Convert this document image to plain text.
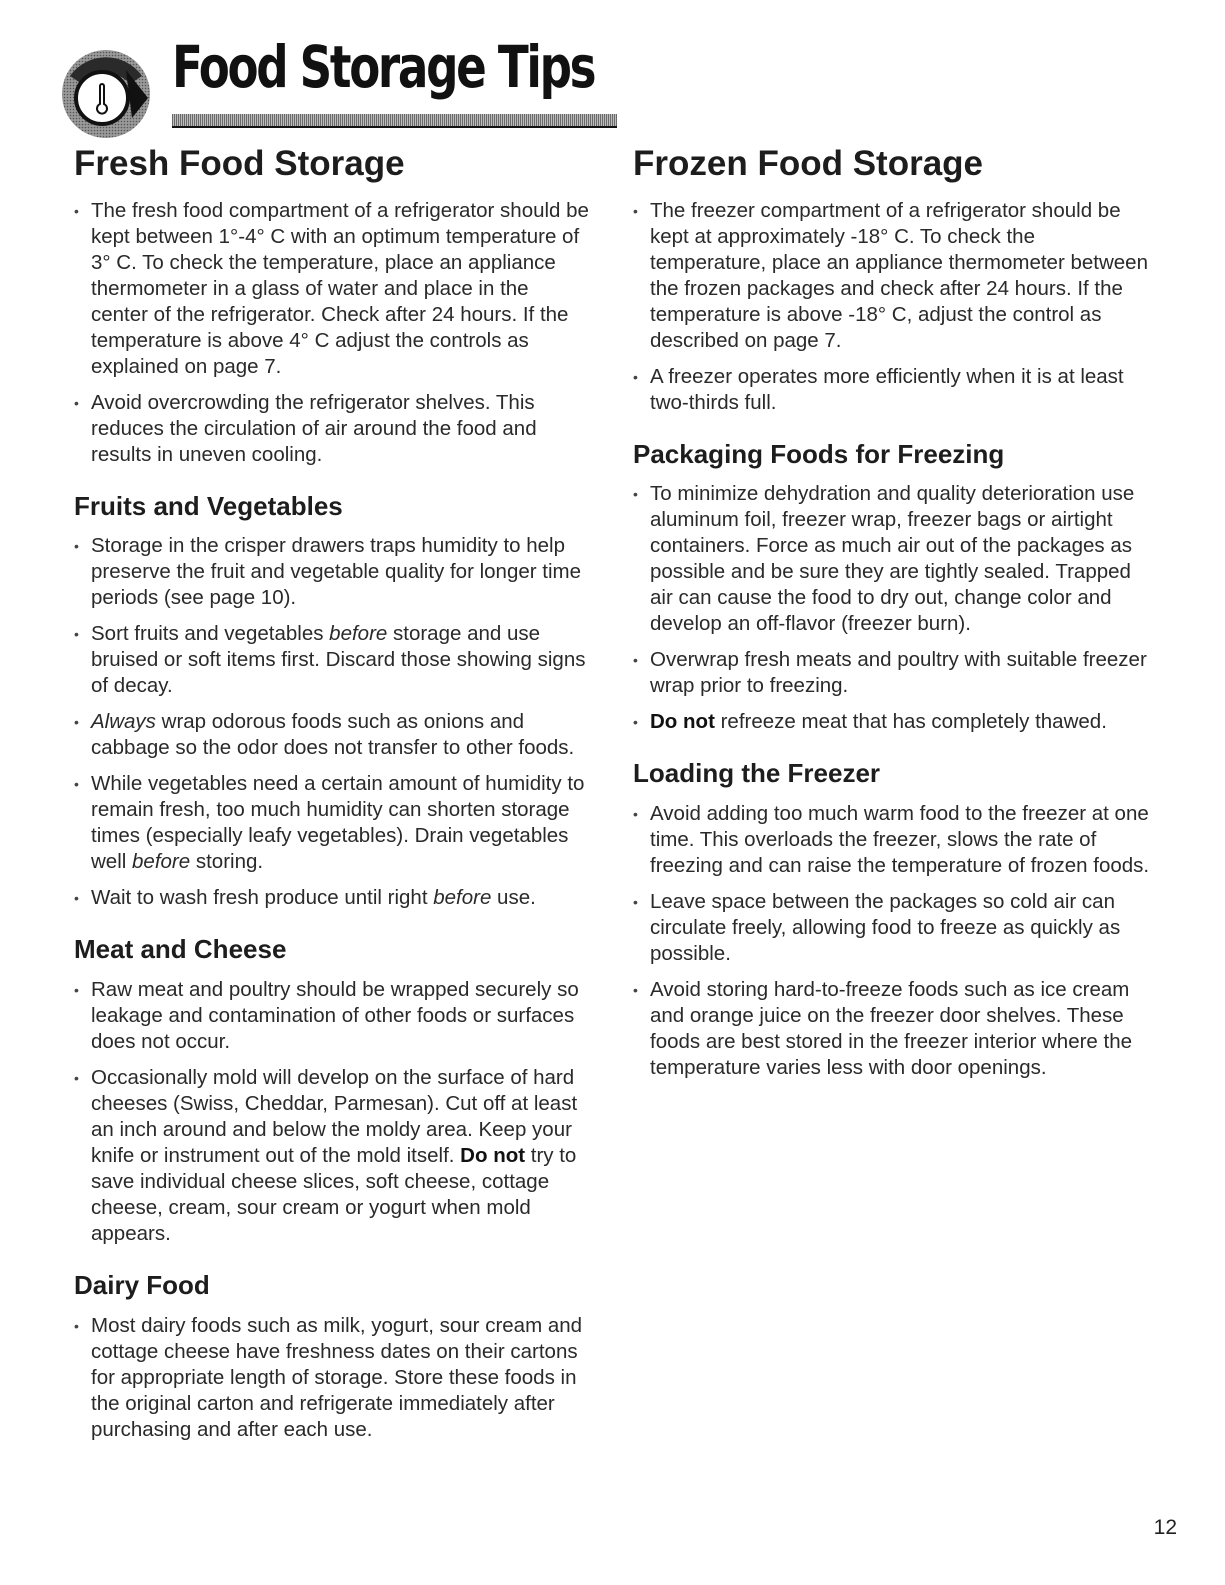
Food Storage Tips
Fresh Food Storage
• The fresh food compartment of a refrigerator should be kept between 1°-4° C with an optimum temperature of 3° C. To check the temperature, place an appliance thermometer in a glass of water and place in the center of the refrigerator. Check after 24 hours. If the temperature is above 4° C adjust the controls as explained on page 7.
• Avoid overcrowding the refrigerator shelves. This reduces the circulation of air around the food and results in uneven cooling.
Fruits and Vegetables
• Storage in the crisper drawers traps humidity to help preserve the fruit and vegetable quality for longer time periods (see page 10).
• Sort fruits and vegetables before storage and use bruised or soft items first. Discard those showing signs of decay.
• Always wrap odorous foods such as onions and cabbage so the odor does not transfer to other foods.
• While vegetables need a certain amount of humidity to remain fresh, too much humidity can shorten storage times (especially leafy vegetables). Drain vegetables well before storing.
• Wait to wash fresh produce until right before use.
Meat and Cheese
• Raw meat and poultry should be wrapped securely so leakage and contamination of other foods or surfaces does not occur.
• Occasionally mold will develop on the surface of hard cheeses (Swiss, Cheddar, Parmesan). Cut off at least an inch around and below the moldy area. Keep your knife or instrument out of the mold itself. Do not try to save individual cheese slices, soft cheese, cottage cheese, cream, sour cream or yogurt when mold appears.
Dairy Food
• Most dairy foods such as milk, yogurt, sour cream and cottage cheese have freshness dates on their cartons for appropriate length of storage. Store these foods in the original carton and refrigerate immediately after purchasing and after each use.
Frozen Food Storage
• The freezer compartment of a refrigerator should be kept at approximately -18° C. To check the temperature, place an appliance thermometer between the frozen packages and check after 24 hours. If the temperature is above -18° C, adjust the control as described on page 7.
• A freezer operates more efficiently when it is at least two-thirds full.
Packaging Foods for Freezing
• To minimize dehydration and quality deterioration use aluminum foil, freezer wrap, freezer bags or airtight containers. Force as much air out of the packages as possible and be sure they are tightly sealed. Trapped air can cause the food to dry out, change color and develop an off-flavor (freezer burn).
• Overwrap fresh meats and poultry with suitable freezer wrap prior to freezing.
• Do not refreeze meat that has completely thawed.
Loading the Freezer
• Avoid adding too much warm food to the freezer at one time. This overloads the freezer, slows the rate of freezing and can raise the temperature of frozen foods.
• Leave space between the packages so cold air can circulate freely, allowing food to freeze as quickly as possible.
• Avoid storing hard-to-freeze foods such as ice cream and orange juice on the freezer door shelves. These foods are best stored in the freezer interior where the temperature varies less with door openings.
12
